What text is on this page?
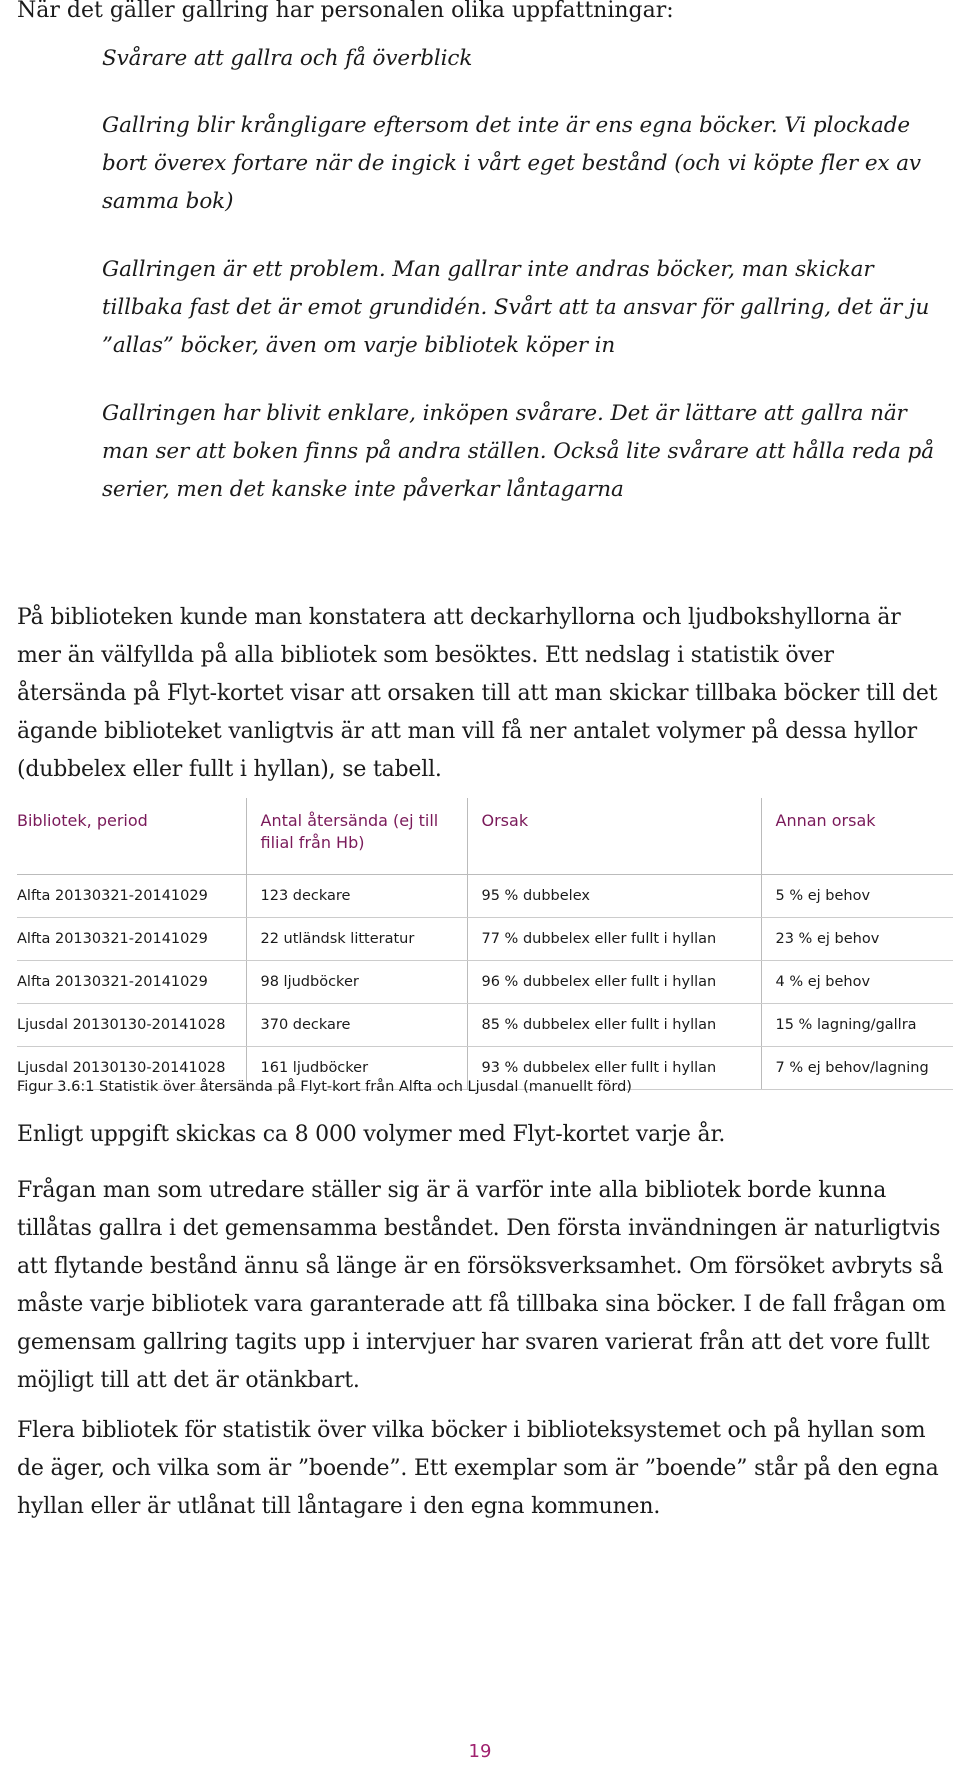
När det gäller gallring har personalen olika uppfattningar:

Svårare att gallra och få överblick

Gallring blir krångligare eftersom det inte är ens egna böcker. Vi plockade bort överex fortare när de ingick i vårt eget bestånd (och vi köpte fler ex av samma bok)

Gallringen är ett problem. Man gallrar inte andras böcker, man skickar tillbaka fast det är emot grundidén. Svårt att ta ansvar för gallring, det är ju ”allas” böcker, även om varje bibliotek köper in

Gallringen har blivit enklare, inköpen svårare. Det är lättare att gallra när man ser att boken finns på andra ställen. Också lite svårare att hålla reda på serier, men det kanske inte påverkar låntagarna

På biblioteken kunde man konstatera att deckarhyllorna och ljudbokshyllorna är mer än välfyllda på alla bibliotek som besöktes. Ett nedslag i statistik över återsända på Flyt-kortet visar att orsaken till att man skickar tillbaka böcker till det ägande biblioteket vanligtvis är att man vill få ner antalet volymer på dessa hyllor (dubbelex eller fullt i hyllan), se tabell.

Bibliotek, period	Antal återsända (ej till filial från Hb)	Orsak	Annan orsak
Alfta 20130321-20141029	123 deckare	95 % dubbelex	5 % ej behov
Alfta 20130321-20141029	22 utländsk litteratur	77 % dubbelex eller fullt i hyllan	23 % ej behov
Alfta 20130321-20141029	98 ljudböcker	96 % dubbelex eller fullt i hyllan	4 % ej behov
Ljusdal 20130130-20141028	370 deckare	85 % dubbelex eller fullt i hyllan	15 % lagning/gallra
Ljusdal 20130130-20141028	161 ljudböcker	93 % dubbelex eller fullt i hyllan	7 % ej behov/lagning
Figur 3.6:1 Statistik över återsända på Flyt-kort från Alfta och Ljusdal (manuellt förd)

Enligt uppgift skickas ca 8 000 volymer med Flyt-kortet varje år.

Frågan man som utredare ställer sig är ä varför inte alla bibliotek borde kunna tillåtas gallra i det gemensamma beståndet. Den första invändningen är naturligtvis att flytande bestånd ännu så länge är en försöksverksamhet. Om försöket avbryts så måste varje bibliotek vara garanterade att få tillbaka sina böcker. I de fall frågan om gemensam gallring tagits upp i intervjuer har svaren varierat från att det vore fullt möjligt till att det är otänkbart.

Flera bibliotek för statistik över vilka böcker i biblioteksystemet och på hyllan som de äger, och vilka som är ”boende”. Ett exemplar som är ”boende” står på den egna hyllan eller är utlånat till låntagare i den egna kommunen.

19
